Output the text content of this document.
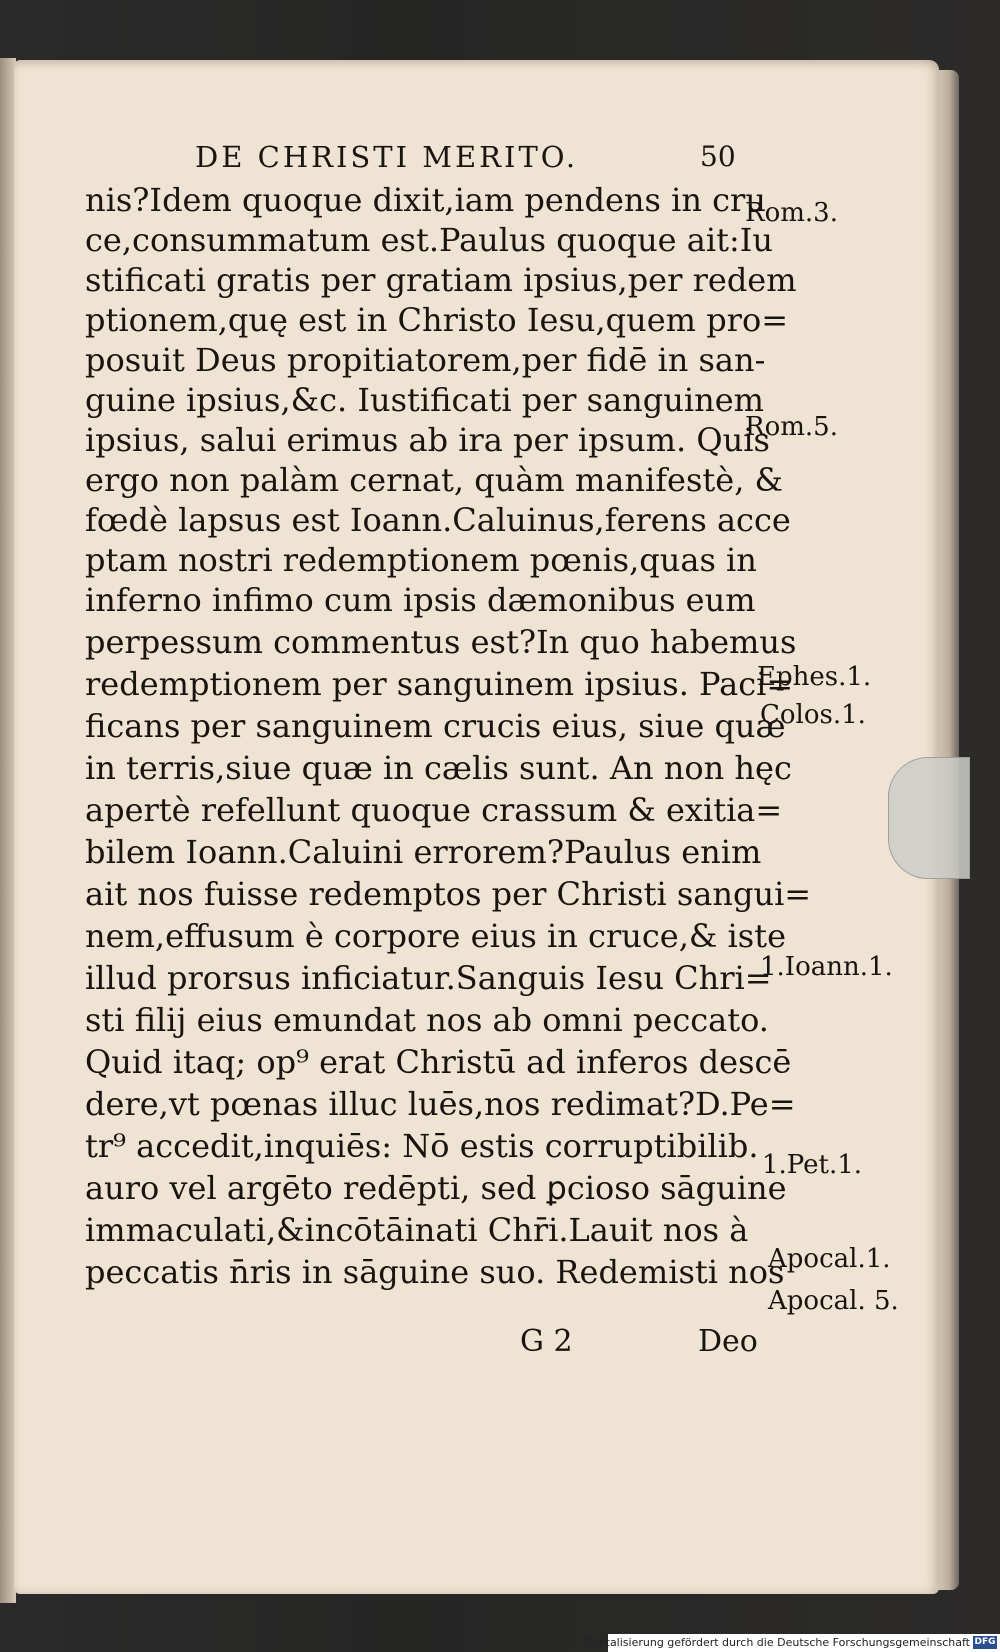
DE CHRISTI MERITO.	50
nis?Idem quoque dixit,iam pendens in cru
ce,consummatum est.Paulus quoque ait:Iu
stificati gratis per gratiam ipsius,per redem
ptionem,quę est in Christo Iesu,quem pro=
posuit Deus propitiatorem,per fidē in san-
guine ipsius,&c. Iustificati per sanguinem
ipsius, salui erimus ab ira per ipsum. Quis
ergo non palàm cernat, quàm manifestè, &
fœdè lapsus est Ioann.Caluinus,ferens acce
ptam nostri redemptionem pœnis,quas in
inferno infimo cum ipsis dæmonibus eum
perpessum commentus est?In quo habemus
redemptionem per sanguinem ipsius. Paci=
ficans per sanguinem crucis eius, siue quæ
in terris,siue quæ in cælis sunt. An non hęc
apertè refellunt quoque crassum & exitia=
bilem Ioann.Caluini errorem?Paulus enim
ait nos fuisse redemptos per Christi sangui=
nem,effusum è corpore eius in cruce,& iste
illud prorsus inficiatur.Sanguis Iesu Chri=
sti filij eius emundat nos ab omni peccato.
Quid itaq; op⁹ erat Christū ad inferos descē
dere,vt pœnas illuc luēs,nos redimat?D.Pe=
tr⁹ accedit,inquiēs: Nō estis corruptibilib.
auro vel argēto redēpti, sed ꝑcioso sāguine
immaculati,&incōtāinati Chr̄i.Lauit nos à
peccatis n̄ris in sāguine suo. Redemisti nos
Rom.3.
Rom.5.
Ephes.1.
Colos.1.
1.Ioann.1.
1.Pet.1.
Apocal.1.
Apocal. 5.
G 2	Deo
Digitalisierung gefördert durch die Deutsche Forschungsgemeinschaft DFG
